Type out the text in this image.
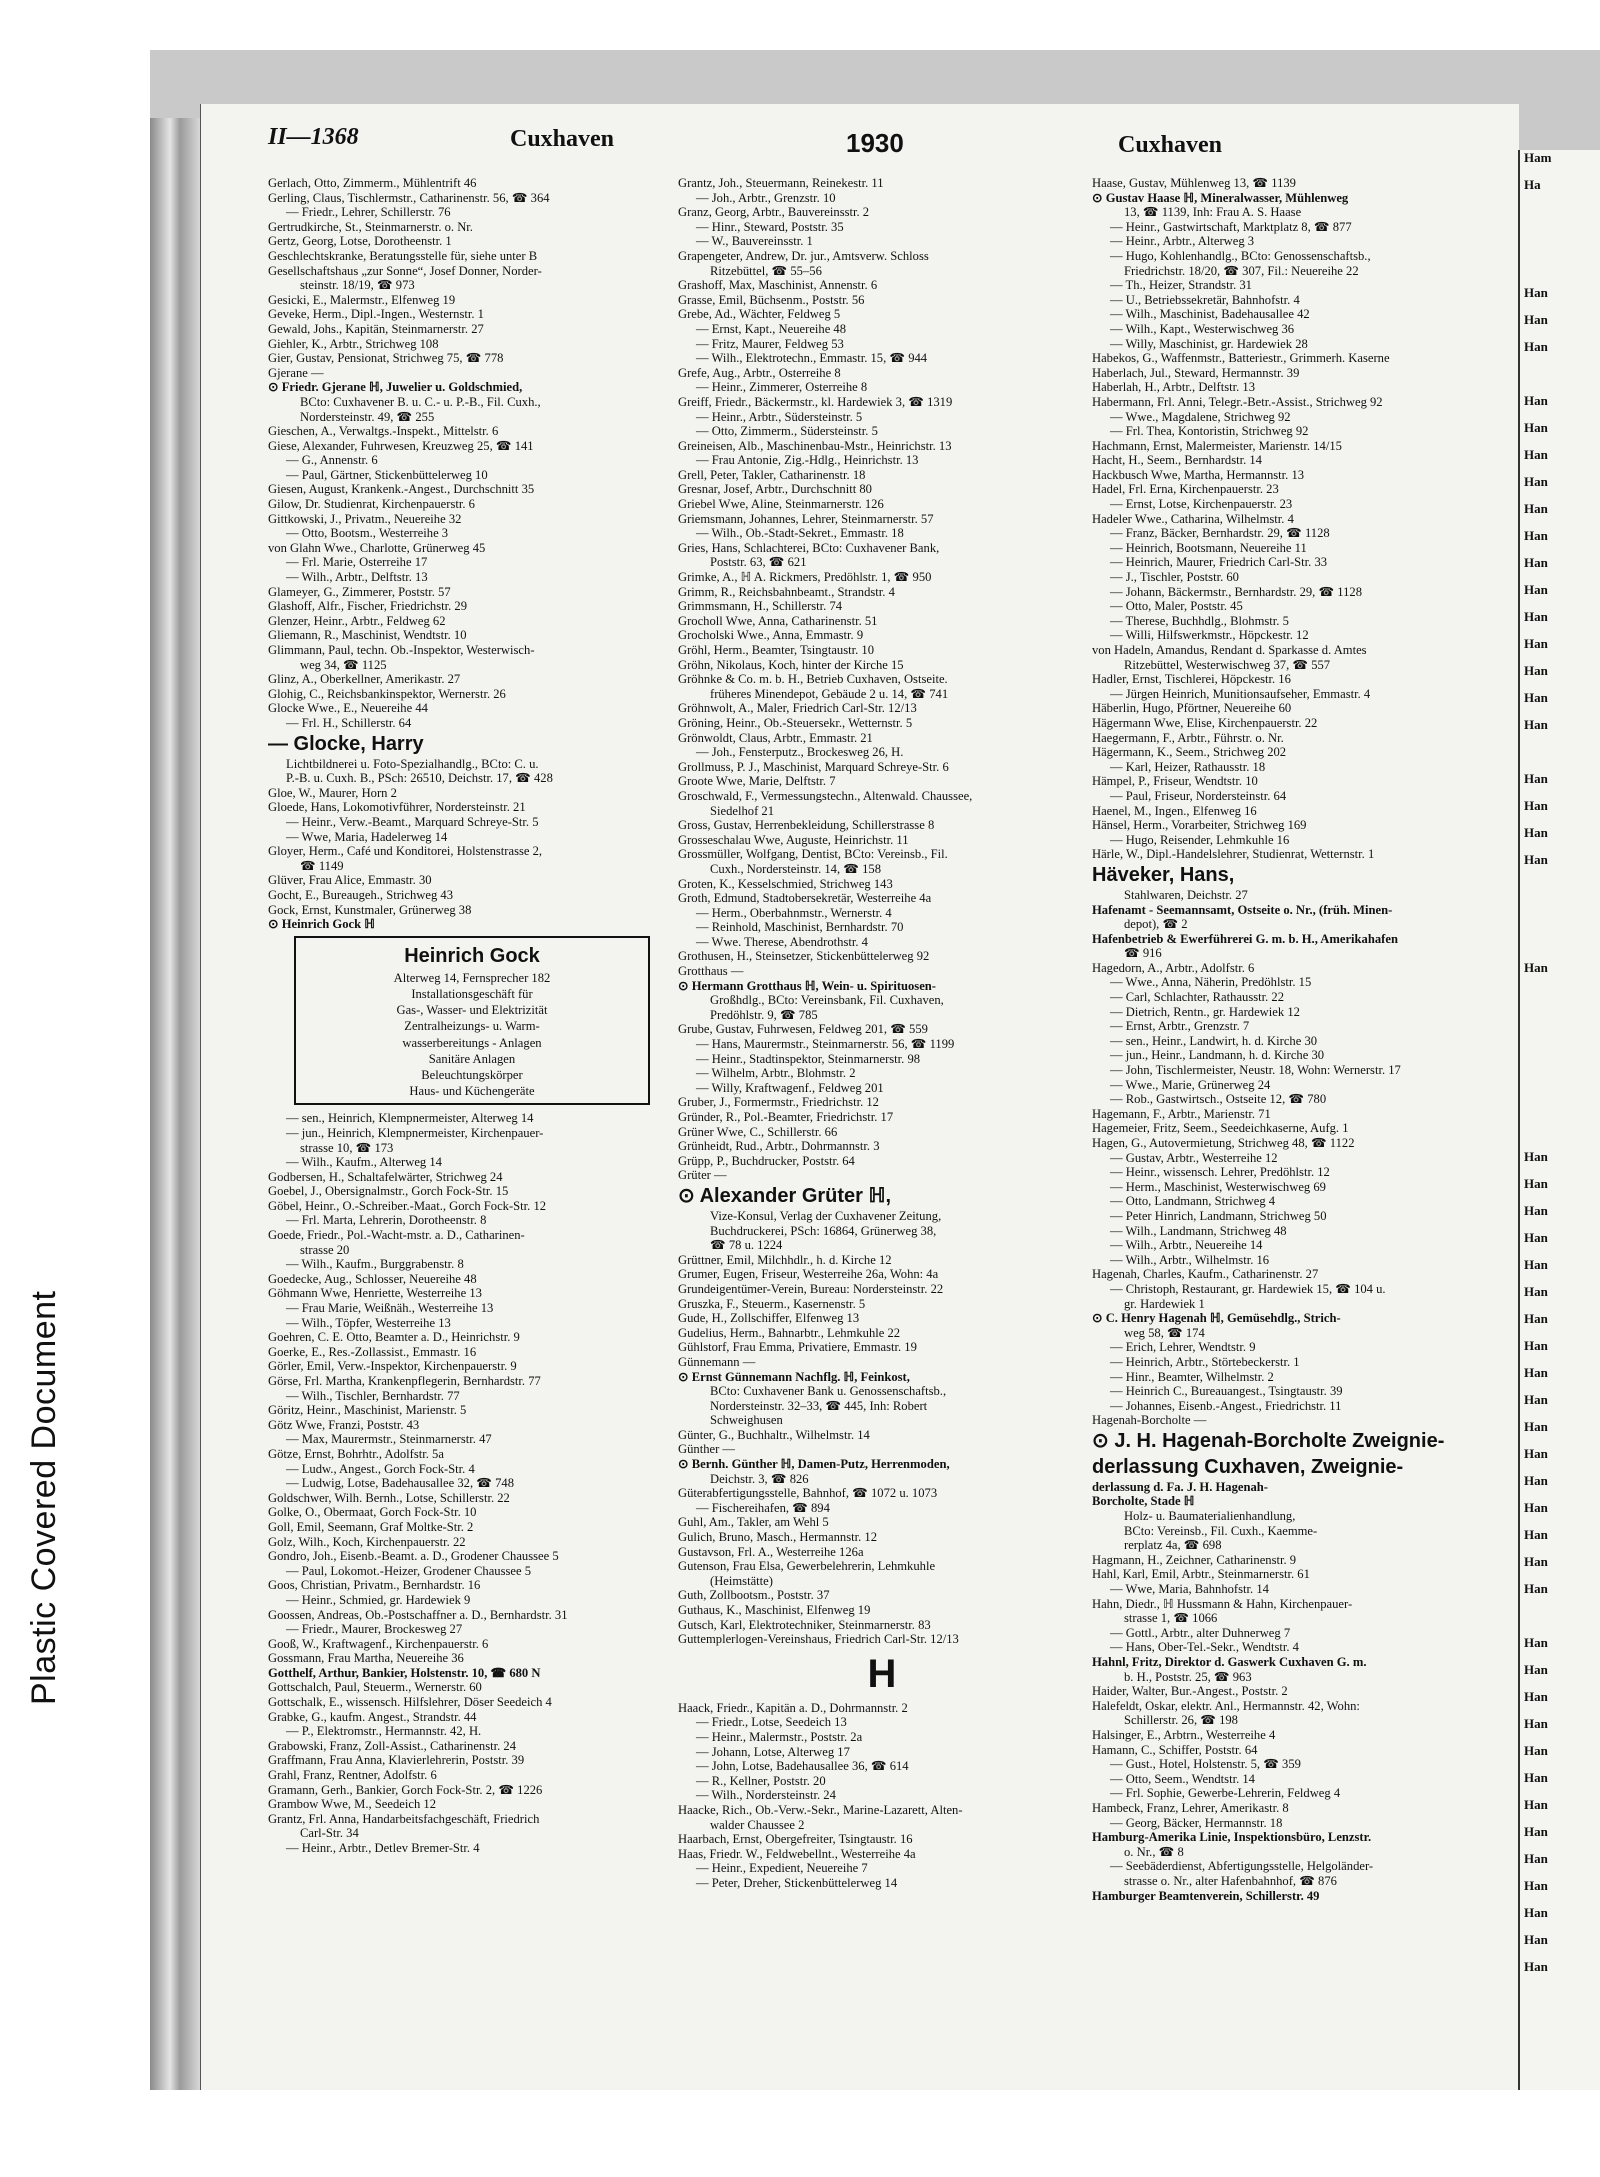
Plastic Covered Document
Ham
Ha
Han
Han
Han
Han
Han
Han
Han
Han
Han
Han
Han
Han
Han
Han
Han
Han
Han
Han
Han
Han
Han
Han
Han
Han
Han
Han
Han
Han
Han
Han
Han
Han
Han
Han
Han
Han
Han
Han
Han
Han
Han
Han
Han
Han
Han
Han
Han
Han
Han
Han
Han
II—1368	Cuxhaven	1930	Cuxhaven
Gerlach, Otto, Zimmerm., Mühlentrift 46
Gerling, Claus, Tischlermstr., Catharinenstr. 56, ☎ 364
— Friedr., Lehrer, Schillerstr. 76
Gertrudkirche, St., Steinmarnerstr. o. Nr.
Gertz, Georg, Lotse, Dorotheenstr. 1
Geschlechtskranke, Beratungsstelle für, siehe unter B
Gesellschaftshaus „zur Sonne“, Josef Donner, Norder-
steinstr. 18/19, ☎ 973
Gesicki, E., Malermstr., Elfenweg 19
Geveke, Herm., Dipl.-Ingen., Westernstr. 1
Gewald, Johs., Kapitän, Steinmarnerstr. 27
Giehler, K., Arbtr., Strichweg 108
Gier, Gustav, Pensionat, Strichweg 75, ☎ 778
Gjerane —
⊙ Friedr. Gjerane ℍ, Juwelier u. Goldschmied,
BCto: Cuxhavener B. u. C.- u. P.-B., Fil. Cuxh.,
Nordersteinstr. 49, ☎ 255
Gieschen, A., Verwaltgs.-Inspekt., Mittelstr. 6
Giese, Alexander, Fuhrwesen, Kreuzweg 25, ☎ 141
— G., Annenstr. 6
— Paul, Gärtner, Stickenbüttelerweg 10
Giesen, August, Krankenk.-Angest., Durchschnitt 35
Gilow, Dr. Studienrat, Kirchenpauerstr. 6
Gittkowski, J., Privatm., Neuereihe 32
— Otto, Bootsm., Westerreihe 3
von Glahn Wwe., Charlotte, Grünerweg 45
— Frl. Marie, Osterreihe 17
— Wilh., Arbtr., Delftstr. 13
Glameyer, G., Zimmerer, Poststr. 57
Glashoff, Alfr., Fischer, Friedrichstr. 29
Glenzer, Heinr., Arbtr., Feldweg 62
Gliemann, R., Maschinist, Wendtstr. 10
Glimmann, Paul, techn. Ob.-Inspektor, Westerwisch-
weg 34, ☎ 1125
Glinz, A., Oberkellner, Amerikastr. 27
Glohig, C., Reichsbankinspektor, Wernerstr. 26
Glocke Wwe., E., Neuereihe 44
— Frl. H., Schillerstr. 64
— Glocke, Harry
Lichtbildnerei u. Foto-Spezialhandlg., BCto: C. u.
P.-B. u. Cuxh. B., PSch: 26510, Deichstr. 17, ☎ 428
Gloe, W., Maurer, Horn 2
Gloede, Hans, Lokomotivführer, Nordersteinstr. 21
— Heinr., Verw.-Beamt., Marquard Schreye-Str. 5
— Wwe, Maria, Hadelerweg 14
Gloyer, Herm., Café und Konditorei, Holstenstrasse 2,
☎ 1149
Glüver, Frau Alice, Emmastr. 30
Gocht, E., Bureaugeh., Strichweg 43
Gock, Ernst, Kunstmaler, Grünerweg 38
⊙ Heinrich Gock ℍ
Heinrich Gock
Alterweg 14, Fernsprecher 182
Installationsgeschäft für
Gas-, Wasser- und Elektrizität
Zentralheizungs- u. Warm-
wasserbereitungs - Anlagen
Sanitäre Anlagen
Beleuchtungskörper
Haus- und Küchengeräte
— sen., Heinrich, Klempnermeister, Alterweg 14
— jun., Heinrich, Klempnermeister, Kirchenpauer-
strasse 10, ☎ 173
— Wilh., Kaufm., Alterweg 14
Godbersen, H., Schaltafelwärter, Strichweg 24
Goebel, J., Obersignalmstr., Gorch Fock-Str. 15
Göbel, Heinr., O.-Schreiber.-Maat., Gorch Fock-Str. 12
— Frl. Marta, Lehrerin, Dorotheenstr. 8
Goede, Friedr., Pol.-Wacht-mstr. a. D., Catharinen-
strasse 20
— Wilh., Kaufm., Burggrabenstr. 8
Goedecke, Aug., Schlosser, Neuereihe 48
Göhmann Wwe, Henriette, Westerreihe 13
— Frau Marie, Weißnäh., Westerreihe 13
— Wilh., Töpfer, Westerreihe 13
Goehren, C. E. Otto, Beamter a. D., Heinrichstr. 9
Goerke, E., Res.-Zollassist., Emmastr. 16
Görler, Emil, Verw.-Inspektor, Kirchenpauerstr. 9
Görse, Frl. Martha, Krankenpflegerin, Bernhardstr. 77
— Wilh., Tischler, Bernhardstr. 77
Göritz, Heinr., Maschinist, Marienstr. 5
Götz Wwe, Franzi, Poststr. 43
— Max, Maurermstr., Steinmarnerstr. 47
Götze, Ernst, Bohrhtr., Adolfstr. 5a
— Ludw., Angest., Gorch Fock-Str. 4
— Ludwig, Lotse, Badehausallee 32, ☎ 748
Goldschwer, Wilh. Bernh., Lotse, Schillerstr. 22
Golke, O., Obermaat, Gorch Fock-Str. 10
Goll, Emil, Seemann, Graf Moltke-Str. 2
Golz, Wilh., Koch, Kirchenpauerstr. 22
Gondro, Joh., Eisenb.-Beamt. a. D., Grodener Chaussee 5
— Paul, Lokomot.-Heizer, Grodener Chaussee 5
Goos, Christian, Privatm., Bernhardstr. 16
— Heinr., Schmied, gr. Hardewiek 9
Goossen, Andreas, Ob.-Postschaffner a. D., Bernhardstr. 31
— Friedr., Maurer, Brockesweg 27
Gooß, W., Kraftwagenf., Kirchenpauerstr. 6
Gossmann, Frau Martha, Neuereihe 36
Gotthelf, Arthur, Bankier, Holstenstr. 10, ☎ 680 N
Gottschalch, Paul, Steuerm., Wernerstr. 60
Gottschalk, E., wissensch. Hilfslehrer, Döser Seedeich 4
Grabke, G., kaufm. Angest., Strandstr. 44
— P., Elektromstr., Hermannstr. 42, H.
Grabowski, Franz, Zoll-Assist., Catharinenstr. 24
Graffmann, Frau Anna, Klavierlehrerin, Poststr. 39
Grahl, Franz, Rentner, Adolfstr. 6
Gramann, Gerh., Bankier, Gorch Fock-Str. 2, ☎ 1226
Grambow Wwe, M., Seedeich 12
Grantz, Frl. Anna, Handarbeitsfachgeschäft, Friedrich
Carl-Str. 34
— Heinr., Arbtr., Detlev Bremer-Str. 4
Grantz, Joh., Steuermann, Reinekestr. 11
— Joh., Arbtr., Grenzstr. 10
Granz, Georg, Arbtr., Bauvereinsstr. 2
— Hinr., Steward, Poststr. 35
— W., Bauvereinsstr. 1
Grapengeter, Andrew, Dr. jur., Amtsverw. Schloss
Ritzebüttel, ☎ 55–56
Grashoff, Max, Maschinist, Annenstr. 6
Grasse, Emil, Büchsenm., Poststr. 56
Grebe, Ad., Wächter, Feldweg 5
— Ernst, Kapt., Neuereihe 48
— Fritz, Maurer, Feldweg 53
— Wilh., Elektrotechn., Emmastr. 15, ☎ 944
Grefe, Aug., Arbtr., Osterreihe 8
— Heinr., Zimmerer, Osterreihe 8
Greiff, Friedr., Bäckermstr., kl. Hardewiek 3, ☎ 1319
— Heinr., Arbtr., Südersteinstr. 5
— Otto, Zimmerm., Südersteinstr. 5
Greineisen, Alb., Maschinenbau-Mstr., Heinrichstr. 13
— Frau Antonie, Zig.-Hdlg., Heinrichstr. 13
Grell, Peter, Takler, Catharinenstr. 18
Gresnar, Josef, Arbtr., Durchschnitt 80
Griebel Wwe, Aline, Steinmarnerstr. 126
Griemsmann, Johannes, Lehrer, Steinmarnerstr. 57
— Wilh., Ob.-Stadt-Sekret., Emmastr. 18
Gries, Hans, Schlachterei, BCto: Cuxhavener Bank,
Poststr. 63, ☎ 621
Grimke, A., ℍ A. Rickmers, Predöhlstr. 1, ☎ 950
Grimm, R., Reichsbahnbeamt., Strandstr. 4
Grimmsmann, H., Schillerstr. 74
Grocholl Wwe, Anna, Catharinenstr. 51
Grocholski Wwe., Anna, Emmastr. 9
Gröhl, Herm., Beamter, Tsingtaustr. 10
Gröhn, Nikolaus, Koch, hinter der Kirche 15
Gröhnke & Co. m. b. H., Betrieb Cuxhaven, Ostseite.
früheres Minendepot, Gebäude 2 u. 14, ☎ 741
Gröhnwolt, A., Maler, Friedrich Carl-Str. 12/13
Gröning, Heinr., Ob.-Steuersekr., Wetternstr. 5
Grönwoldt, Claus, Arbtr., Emmastr. 21
— Joh., Fensterputz., Brockesweg 26, H.
Grollmuss, P. J., Maschinist, Marquard Schreye-Str. 6
Groote Wwe, Marie, Delftstr. 7
Groschwald, F., Vermessungstechn., Altenwald. Chaussee,
Siedelhof 21
Gross, Gustav, Herrenbekleidung, Schillerstrasse 8
Grosseschalau Wwe, Auguste, Heinrichstr. 11
Grossmüller, Wolfgang, Dentist, BCto: Vereinsb., Fil.
Cuxh., Nordersteinstr. 14, ☎ 158
Groten, K., Kesselschmied, Strichweg 143
Groth, Edmund, Stadtobersekretär, Westerreihe 4a
— Herm., Oberbahnmstr., Wernerstr. 4
— Reinhold, Maschinist, Bernhardstr. 70
— Wwe. Therese, Abendrothstr. 4
Grothusen, H., Steinsetzer, Stickenbüttelerweg 92
Grotthaus —
⊙ Hermann Grotthaus ℍ, Wein- u. Spirituosen-
Großhdlg., BCto: Vereinsbank, Fil. Cuxhaven,
Predöhlstr. 9, ☎ 785
Grube, Gustav, Fuhrwesen, Feldweg 201, ☎ 559
— Hans, Maurermstr., Steinmarnerstr. 56, ☎ 1199
— Heinr., Stadtinspektor, Steinmarnerstr. 98
— Wilhelm, Arbtr., Blohmstr. 2
— Willy, Kraftwagenf., Feldweg 201
Gruber, J., Formermstr., Friedrichstr. 12
Gründer, R., Pol.-Beamter, Friedrichstr. 17
Grüner Wwe, C., Schillerstr. 66
Grünheidt, Rud., Arbtr., Dohrmannstr. 3
Grüpp, P., Buchdrucker, Poststr. 64
Grüter —
⊙ Alexander Grüter ℍ,
Vize-Konsul, Verlag der Cuxhavener Zeitung,
Buchdruckerei, PSch: 16864, Grünerweg 38,
☎ 78 u. 1224
Grüttner, Emil, Milchhdlr., h. d. Kirche 12
Grumer, Eugen, Friseur, Westerreihe 26a, Wohn: 4a
Grundeigentümer-Verein, Bureau: Nordersteinstr. 22
Gruszka, F., Steuerm., Kasernenstr. 5
Gude, H., Zollschiffer, Elfenweg 13
Gudelius, Herm., Bahnarbtr., Lehmkuhle 22
Gühlstorf, Frau Emma, Privatiere, Emmastr. 19
Günnemann —
⊙ Ernst Günnemann Nachflg. ℍ, Feinkost,
BCto: Cuxhavener Bank u. Genossenschaftsb.,
Nordersteinstr. 32–33, ☎ 445, Inh: Robert
Schweighusen
Günter, G., Buchhaltr., Wilhelmstr. 14
Günther —
⊙ Bernh. Günther ℍ, Damen-Putz, Herrenmoden,
Deichstr. 3, ☎ 826
Güterabfertigungsstelle, Bahnhof, ☎ 1072 u. 1073
— Fischereihafen, ☎ 894
Guhl, Am., Takler, am Wehl 5
Gulich, Bruno, Masch., Hermannstr. 12
Gustavson, Frl. A., Westerreihe 126a
Gutenson, Frau Elsa, Gewerbelehrerin, Lehmkuhle
(Heimstätte)
Guth, Zollbootsm., Poststr. 37
Guthaus, K., Maschinist, Elfenweg 19
Gutsch, Karl, Elektrotechniker, Steinmarnerstr. 83
Guttemplerlogen-Vereinshaus, Friedrich Carl-Str. 12/13
H
Haack, Friedr., Kapitän a. D., Dohrmannstr. 2
— Friedr., Lotse, Seedeich 13
— Heinr., Malermstr., Poststr. 2a
— Johann, Lotse, Alterweg 17
— John, Lotse, Badehausallee 36, ☎ 614
— R., Kellner, Poststr. 20
— Wilh., Nordersteinstr. 24
Haacke, Rich., Ob.-Verw.-Sekr., Marine-Lazarett, Alten-
walder Chaussee 2
Haarbach, Ernst, Obergefreiter, Tsingtaustr. 16
Haas, Friedr. W., Feldwebellnt., Westerreihe 4a
— Heinr., Expedient, Neuereihe 7
— Peter, Dreher, Stickenbüttelerweg 14
Haase, Gustav, Mühlenweg 13, ☎ 1139
⊙ Gustav Haase ℍ, Mineralwasser, Mühlenweg
13, ☎ 1139, Inh: Frau A. S. Haase
— Heinr., Gastwirtschaft, Marktplatz 8, ☎ 877
— Heinr., Arbtr., Alterweg 3
— Hugo, Kohlenhandlg., BCto: Genossenschaftsb.,
Friedrichstr. 18/20, ☎ 307, Fil.: Neuereihe 22
— Th., Heizer, Strandstr. 31
— U., Betriebssekretär, Bahnhofstr. 4
— Wilh., Maschinist, Badehausallee 42
— Wilh., Kapt., Westerwischweg 36
— Willy, Maschinist, gr. Hardewiek 28
Habekos, G., Waffenmstr., Batteriestr., Grimmerh. Kaserne
Haberlach, Jul., Steward, Hermannstr. 39
Haberlah, H., Arbtr., Delftstr. 13
Habermann, Frl. Anni, Telegr.-Betr.-Assist., Strichweg 92
— Wwe., Magdalene, Strichweg 92
— Frl. Thea, Kontoristin, Strichweg 92
Hachmann, Ernst, Malermeister, Marienstr. 14/15
Hacht, H., Seem., Bernhardstr. 14
Hackbusch Wwe, Martha, Hermannstr. 13
Hadel, Frl. Erna, Kirchenpauerstr. 23
— Ernst, Lotse, Kirchenpauerstr. 23
Hadeler Wwe., Catharina, Wilhelmstr. 4
— Franz, Bäcker, Bernhardstr. 29, ☎ 1128
— Heinrich, Bootsmann, Neuereihe 11
— Heinrich, Maurer, Friedrich Carl-Str. 33
— J., Tischler, Poststr. 60
— Johann, Bäckermstr., Bernhardstr. 29, ☎ 1128
— Otto, Maler, Poststr. 45
— Therese, Buchhdlg., Blohmstr. 5
— Willi, Hilfswerkmstr., Höpckestr. 12
von Hadeln, Amandus, Rendant d. Sparkasse d. Amtes
Ritzebüttel, Westerwischweg 37, ☎ 557
Hadler, Ernst, Tischlerei, Höpckestr. 16
— Jürgen Heinrich, Munitionsaufseher, Emmastr. 4
Häberlin, Hugo, Pförtner, Neuereihe 60
Hägermann Wwe, Elise, Kirchenpauerstr. 22
Haegermann, F., Arbtr., Führstr. o. Nr.
Hägermann, K., Seem., Strichweg 202
— Karl, Heizer, Rathausstr. 18
Hämpel, P., Friseur, Wendtstr. 10
— Paul, Friseur, Nordersteinstr. 64
Haenel, M., Ingen., Elfenweg 16
Hänsel, Herm., Vorarbeiter, Strichweg 169
— Hugo, Reisender, Lehmkuhle 16
Härle, W., Dipl.-Handelslehrer, Studienrat, Wetternstr. 1
Häveker, Hans,
Stahlwaren, Deichstr. 27
Hafenamt - Seemannsamt, Ostseite o. Nr., (früh. Minen-
depot), ☎ 2
Hafenbetrieb & Ewerführerei G. m. b. H., Amerikahafen
☎ 916
Hagedorn, A., Arbtr., Adolfstr. 6
— Wwe., Anna, Näherin, Predöhlstr. 15
— Carl, Schlachter, Rathausstr. 22
— Dietrich, Rentn., gr. Hardewiek 12
— Ernst, Arbtr., Grenzstr. 7
— sen., Heinr., Landwirt, h. d. Kirche 30
— jun., Heinr., Landmann, h. d. Kirche 30
— John, Tischlermeister, Neustr. 18, Wohn: Wernerstr. 17
— Wwe., Marie, Grünerweg 24
— Rob., Gastwirtsch., Ostseite 12, ☎ 780
Hagemann, F., Arbtr., Marienstr. 71
Hagemeier, Fritz, Seem., Seedeichkaserne, Aufg. 1
Hagen, G., Autovermietung, Strichweg 48, ☎ 1122
— Gustav, Arbtr., Westerreihe 12
— Heinr., wissensch. Lehrer, Predöhlstr. 12
— Herm., Maschinist, Westerwischweg 69
— Otto, Landmann, Strichweg 4
— Peter Hinrich, Landmann, Strichweg 50
— Wilh., Landmann, Strichweg 48
— Wilh., Arbtr., Neuereihe 14
— Wilh., Arbtr., Wilhelmstr. 16
Hagenah, Charles, Kaufm., Catharinenstr. 27
— Christoph, Restaurant, gr. Hardewiek 15, ☎ 104 u.
gr. Hardewiek 1
⊙ C. Henry Hagenah ℍ, Gemüsehdlg., Strich-
weg 58, ☎ 174
— Erich, Lehrer, Wendtstr. 9
— Heinrich, Arbtr., Störtebeckerstr. 1
— Hinr., Beamter, Wilhelmstr. 2
— Heinrich C., Bureauangest., Tsingtaustr. 39
— Johannes, Eisenb.-Angest., Friedrichstr. 11
Hagenah-Borcholte —
⊙ J. H. Hagenah-Borcholte Zweignie-
derlassung Cuxhaven, Zweignie-
derlassung d. Fa. J. H. Hagenah-
Borcholte, Stade ℍ
Holz- u. Baumaterialienhandlung,
BCto: Vereinsb., Fil. Cuxh., Kaemme-
rerplatz 4a, ☎ 698
Hagmann, H., Zeichner, Catharinenstr. 9
Hahl, Karl, Emil, Arbtr., Steinmarnerstr. 61
— Wwe, Maria, Bahnhofstr. 14
Hahn, Diedr., ℍ Hussmann & Hahn, Kirchenpauer-
strasse 1, ☎ 1066
— Gottl., Arbtr., alter Duhnerweg 7
— Hans, Ober-Tel.-Sekr., Wendtstr. 4
Hahnl, Fritz, Direktor d. Gaswerk Cuxhaven G. m.
b. H., Poststr. 25, ☎ 963
Haider, Walter, Bur.-Angest., Poststr. 2
Halefeldt, Oskar, elektr. Anl., Hermannstr. 42, Wohn:
Schillerstr. 26, ☎ 198
Halsinger, E., Arbtrn., Westerreihe 4
Hamann, C., Schiffer, Poststr. 64
— Gust., Hotel, Holstenstr. 5, ☎ 359
— Otto, Seem., Wendtstr. 14
— Frl. Sophie, Gewerbe-Lehrerin, Feldweg 4
Hambeck, Franz, Lehrer, Amerikastr. 8
— Georg, Bäcker, Hermannstr. 18
Hamburg-Amerika Linie, Inspektionsbüro, Lenzstr.
o. Nr., ☎ 8
— Seebäderdienst, Abfertigungsstelle, Helgoländer-
strasse o. Nr., alter Hafenbahnhof, ☎ 876
Hamburger Beamtenverein, Schillerstr. 49
